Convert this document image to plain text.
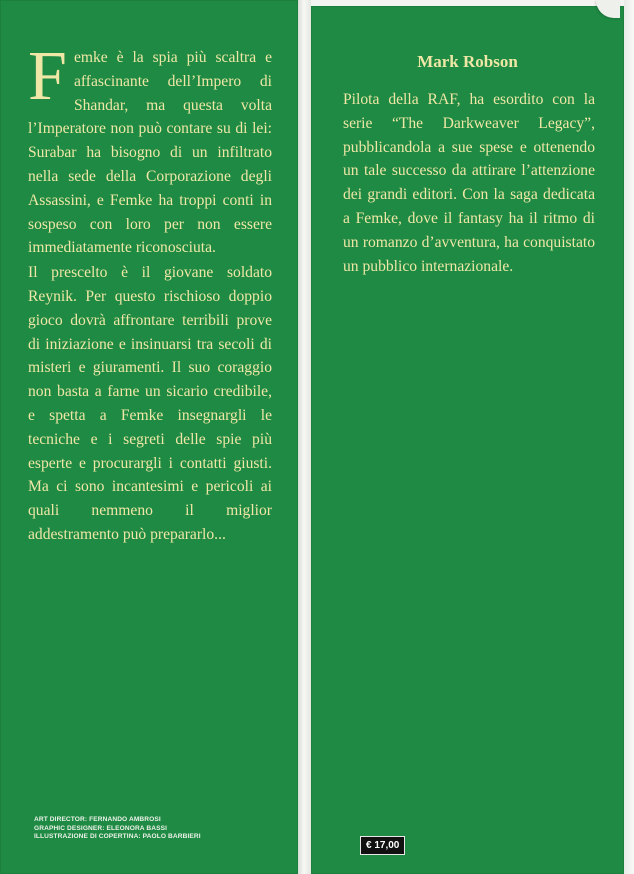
Femke è la spia più scaltra e affascinante dell’Impero di Shandar, ma questa volta l’Imperatore non può contare su di lei: Surabar ha bisogno di un infiltrato nella sede della Corporazione degli Assassini, e Femke ha troppi conti in sospeso con loro per non essere immediatamente riconosciuta.

Il prescelto è il giovane soldato Reynik. Per questo rischioso doppio gioco dovrà affrontare terribili prove di iniziazione e insinuarsi tra secoli di misteri e giuramenti. Il suo coraggio non basta a farne un sicario credibile, e spetta a Femke insegnargli le tecniche e i segreti delle spie più esperte e procurargli i contatti giusti. Ma ci sono incantesimi e pericoli ai quali nemmeno il miglior addestramento può prepararlo...

ART DIRECTOR: FERNANDO AMBROSI
GRAPHIC DESIGNER: ELEONORA BASSI
ILLUSTRAZIONE DI COPERTINA: PAOLO BARBIERI
Mark Robson
Pilota della RAF, ha esordito con la serie “The Darkweaver Legacy”, pubblicandola a sue spese e ottenendo un tale successo da attirare l’attenzione dei grandi editori. Con la saga dedicata a Femke, dove il fantasy ha il ritmo di un romanzo d’avventura, ha conquistato un pubblico internazionale.
€ 17,00
